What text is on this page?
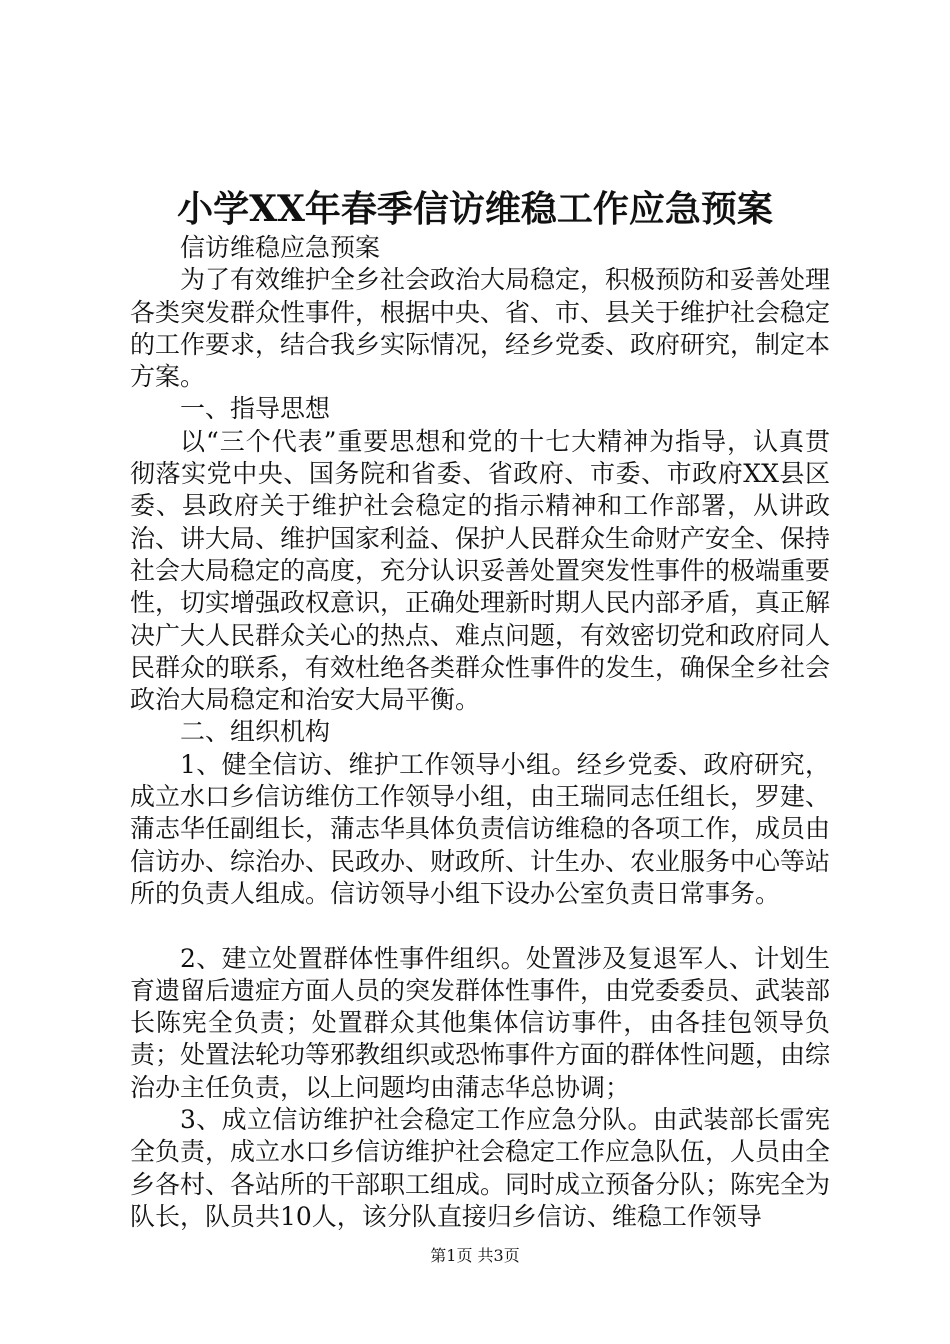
小学XX年春季信访维稳工作应急预案

信访维稳应急预案

为了有效维护全乡社会政治大局稳定，积极预防和妥善处理各类突发群众性事件，根据中央、省、市、县关于维护社会稳定的工作要求，结合我乡实际情况，经乡党委、政府研究，制定本方案。

一、指导思想

以“三个代表”重要思想和党的十七大精神为指导，认真贯彻落实党中央、国务院和省委、省政府、市委、市政府XX县区委、县政府关于维护社会稳定的指示精神和工作部署，从讲政治、讲大局、维护国家利益、保护人民群众生命财产安全、保持社会大局稳定的高度，充分认识妥善处置突发性事件的极端重要性，切实增强政权意识，正确处理新时期人民内部矛盾，真正解决广大人民群众关心的热点、难点问题，有效密切党和政府同人民群众的联系，有效杜绝各类群众性事件的发生，确保全乡社会政治大局稳定和治安大局平衡。

二、组织机构

1、健全信访、维护工作领导小组。经乡党委、政府研究，成立水口乡信访维仿工作领导小组，由王瑞同志任组长，罗建、蒲志华任副组长，蒲志华具体负责信访维稳的各项工作，成员由信访办、综治办、民政办、财政所、计生办、农业服务中心等站所的负责人组成。信访领导小组下设办公室负责日常事务。

2、建立处置群体性事件组织。处置涉及复退军人、计划生育遗留后遗症方面人员的突发群体性事件，由党委委员、武装部长陈宪全负责；处置群众其他集体信访事件，由各挂包领导负责；处置法轮功等邪教组织或恐怖事件方面的群体性问题，由综治办主任负责，以上问题均由蒲志华总协调；

3、成立信访维护社会稳定工作应急分队。由武装部长雷宪全负责，成立水口乡信访维护社会稳定工作应急队伍，人员由全乡各村、各站所的干部职工组成。同时成立预备分队；陈宪全为队长，队员共10人，该分队直接归乡信访、维稳工作领导

第1页 共3页
